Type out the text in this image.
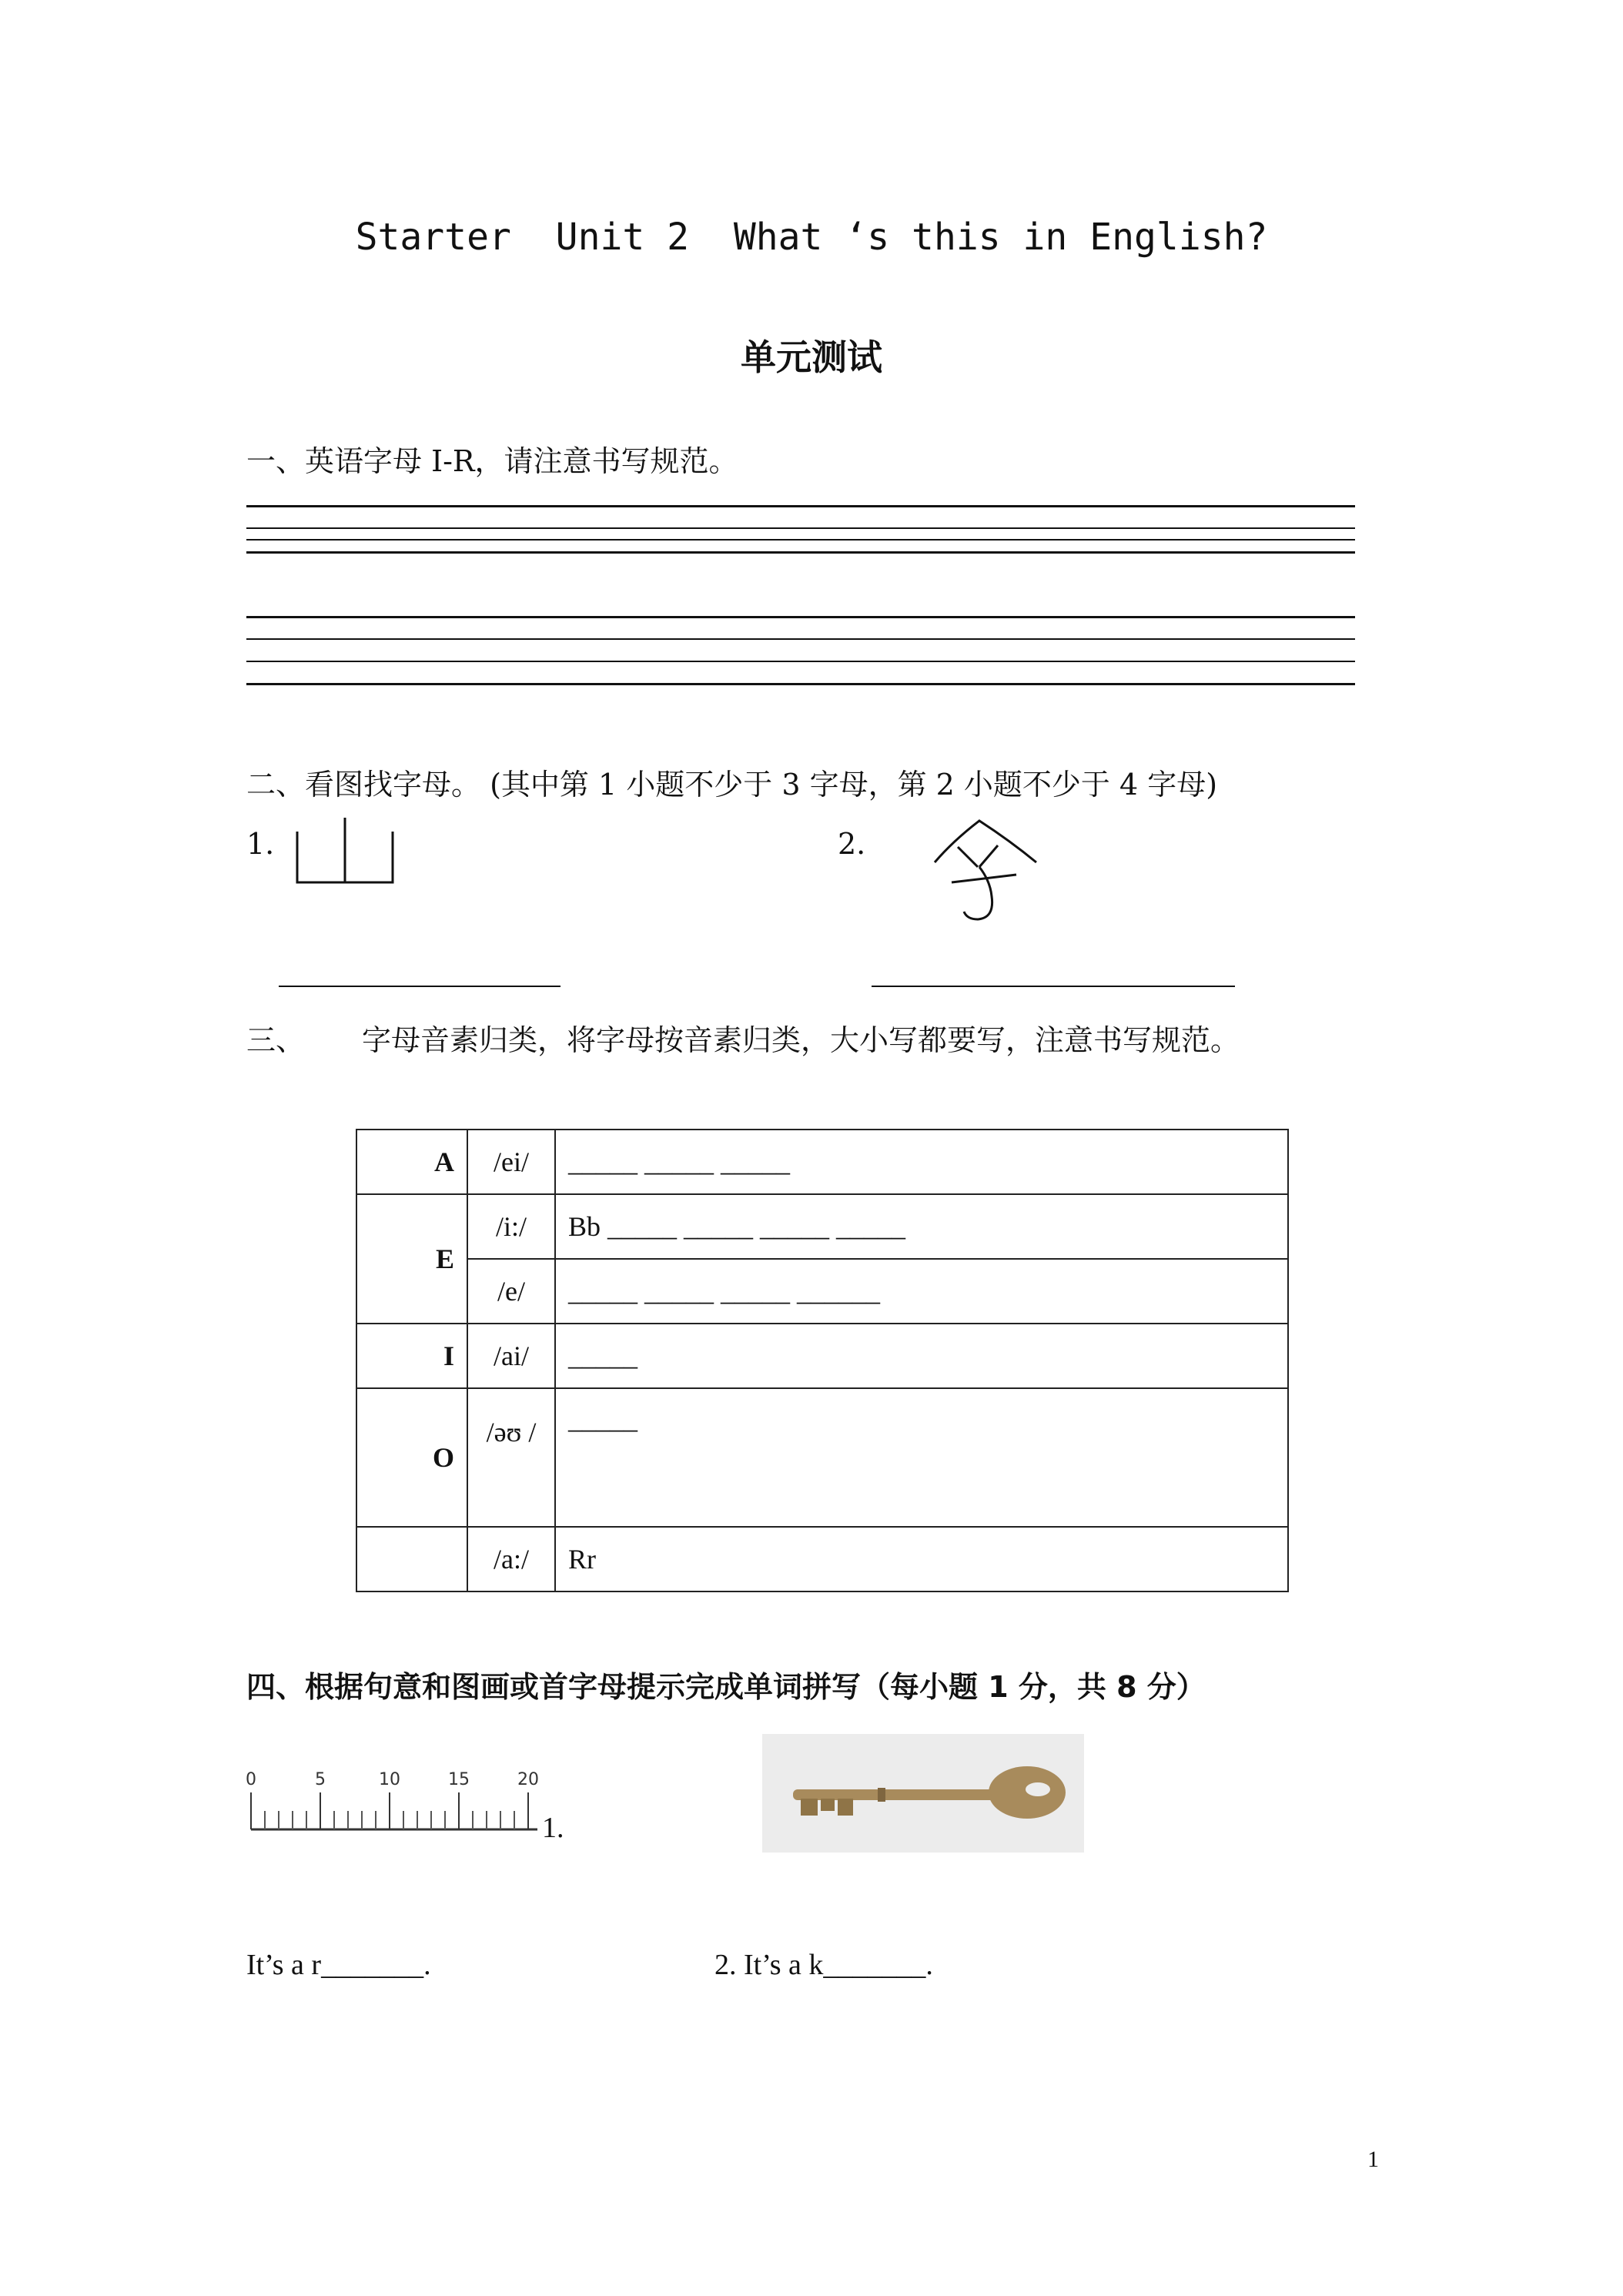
Starter  Unit 2  What ‘s this in English?
单元测试
一、英语字母 I-R，请注意书写规范。
二、看图找字母。 (其中第 1 小题不少于 3 字母，第 2 小题不少于 4 字母)
1.	2.
三、 字母音素归类，将字母按音素归类，大小写都要写，注意书写规范。
A	/ei/	_____ _____ _____
E	/i:/	Bb _____ _____ _____ _____
	/e/	_____ _____ _____ ______
I	/ai/	_____
O	/əʊ /	_____
	/a:/	Rr
四、根据句意和图画或首字母提示完成单词拼写（每小题 1 分，共 8 分）
0	5	10	15	20
1.
It’s a r_______.	2. It’s a k_______.
1
